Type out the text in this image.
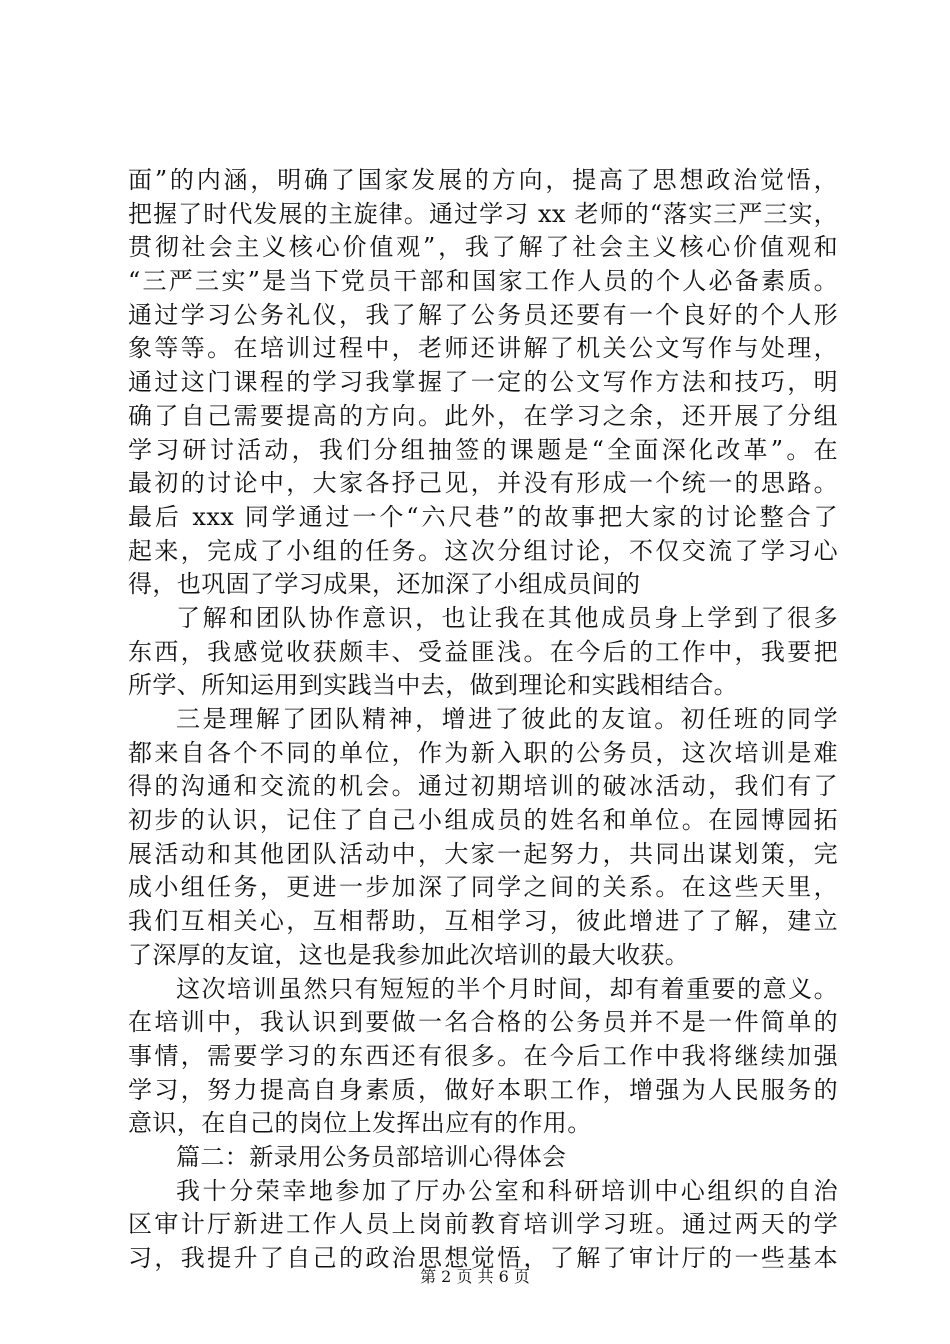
面”的内涵，明确了国家发展的方向，提高了思想政治觉悟，
把握了时代发展的主旋律。通过学习 xx 老师的“落实三严三实，
贯彻社会主义核心价值观”，我了解了社会主义核心价值观和
“三严三实”是当下党员干部和国家工作人员的个人必备素质。
通过学习公务礼仪，我了解了公务员还要有一个良好的个人形
象等等。在培训过程中，老师还讲解了机关公文写作与处理，
通过这门课程的学习我掌握了一定的公文写作方法和技巧，明
确了自己需要提高的方向。此外，在学习之余，还开展了分组
学习研讨活动，我们分组抽签的课题是“全面深化改革”。在
最初的讨论中，大家各抒己见，并没有形成一个统一的思路。
最后 xxx 同学通过一个“六尺巷”的故事把大家的讨论整合了
起来，完成了小组的任务。这次分组讨论，不仅交流了学习心
得，也巩固了学习成果，还加深了小组成员间的
了解和团队协作意识，也让我在其他成员身上学到了很多
东西，我感觉收获颇丰、受益匪浅。在今后的工作中，我要把
所学、所知运用到实践当中去，做到理论和实践相结合。
三是理解了团队精神，增进了彼此的友谊。初任班的同学
都来自各个不同的单位，作为新入职的公务员，这次培训是难
得的沟通和交流的机会。通过初期培训的破冰活动，我们有了
初步的认识，记住了自己小组成员的姓名和单位。在园博园拓
展活动和其他团队活动中，大家一起努力，共同出谋划策，完
成小组任务，更进一步加深了同学之间的关系。在这些天里，
我们互相关心，互相帮助，互相学习，彼此增进了了解，建立
了深厚的友谊，这也是我参加此次培训的最大收获。
这次培训虽然只有短短的半个月时间，却有着重要的意义。
在培训中，我认识到要做一名合格的公务员并不是一件简单的
事情，需要学习的东西还有很多。在今后工作中我将继续加强
学习，努力提高自身素质，做好本职工作，增强为人民服务的
意识，在自己的岗位上发挥出应有的作用。
篇二：新录用公务员部培训心得体会
我十分荣幸地参加了厅办公室和科研培训中心组织的自治
区审计厅新进工作人员上岗前教育培训学习班。通过两天的学
习，我提升了自己的政治思想觉悟，了解了审计厅的一些基本
第 2 页 共 6 页
